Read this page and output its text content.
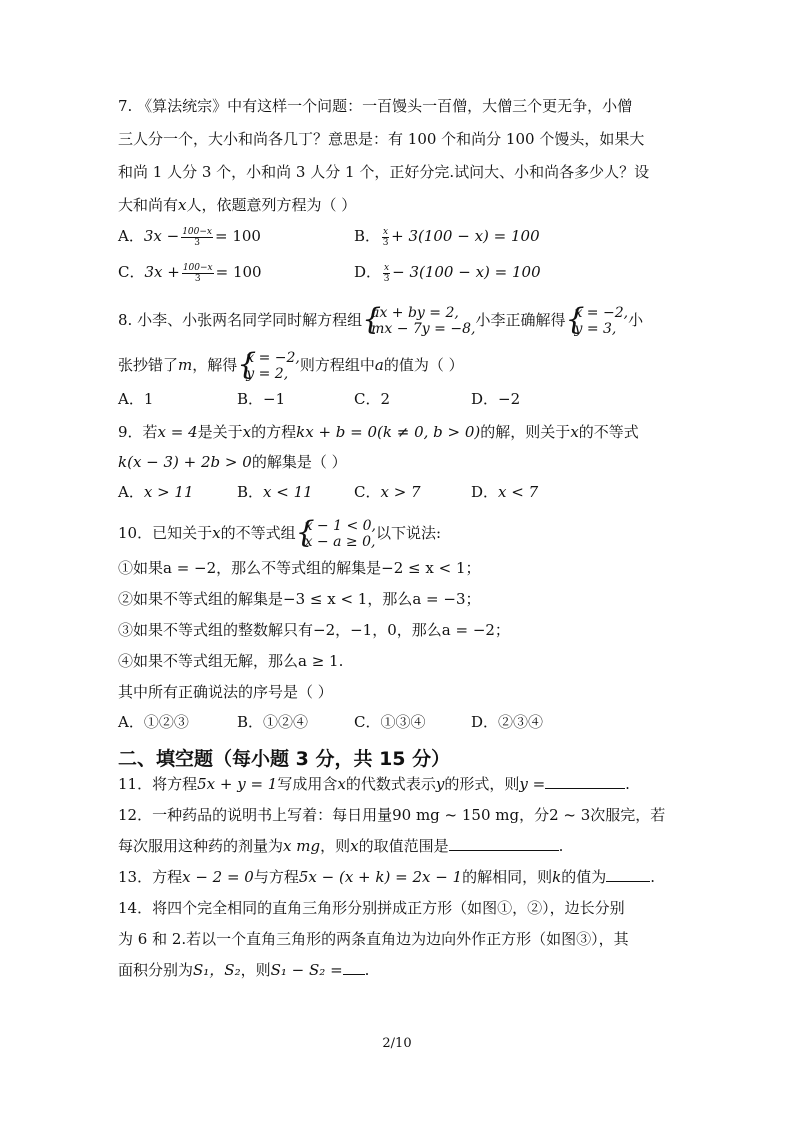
7. 《算法统宗》中有这样一个问题：一百馒头一百僧，大僧三个更无争，小僧
三人分一个，大小和尚各几丁？意思是：有 100 个和尚分 100 个馒头，如果大
和尚 1 人分 3 个，小和尚 3 人分 1 个，正好分完.试问大、小和尚各多少人？设
大和尚有x人，依题意列方程为（ ）
A．$3x - \frac{100-x}{3} = 100$	B． $\frac{x}{3} + 3(100 - x) = 100$
C．$3x + \frac{100-x}{3} = 100$	D． $\frac{x}{3} - 3(100 - x) = 100$
8. 小李、小张两名同学同时解方程组 {
ax + by = 2,
mx − 7y = −8, 小李正确解得 {
x = −2,
y = 3, 小
张抄错了m，解得 {
x = −2,
y = 2, 则方程组中a的值为（ ）
A．1	B．−1	C．2	D．−2
9．若x = 4是关于x的方程kx + b = 0(k ≠ 0, b > 0)的解，则关于x的不等式
k(x − 3) + 2b > 0的解集是（ ）
A．x > 11	B．x < 11	C．x > 7	D．x < 7
10．已知关于x的不等式组 {
x − 1 < 0,
x − a ≥ 0, 以下说法:
①如果a = −2，那么不等式组的解集是−2 ≤ x < 1；
②如果不等式组的解集是−3 ≤ x < 1，那么a = −3；
③如果不等式组的整数解只有−2，−1，0，那么a = −2；
④如果不等式组无解，那么a ≥ 1.
其中所有正确说法的序号是（ ）
A．①②③	B．①②④	C．①③④	D．②③④
二、填空题（每小题 3 分，共 15 分）
11．将方程5x + y = 1写成用含x的代数式表示y的形式，则y =	.
12．一种药品的说明书上写着：每日用量90 mg ~ 150 mg，分2 ~ 3次服完，若
每次服用这种药的剂量为x mg，则x的取值范围是	.
13．方程x − 2 = 0与方程5x − (x + k) = 2x − 1的解相同，则k的值为	.
14．将四个完全相同的直角三角形分别拼成正方形（如图①，②），边长分别
为 6 和 2.若以一个直角三角形的两条直角边为边向外作正方形（如图③），其
面积分别为S₁，S₂，则S₁ − S₂ = .
2/10
